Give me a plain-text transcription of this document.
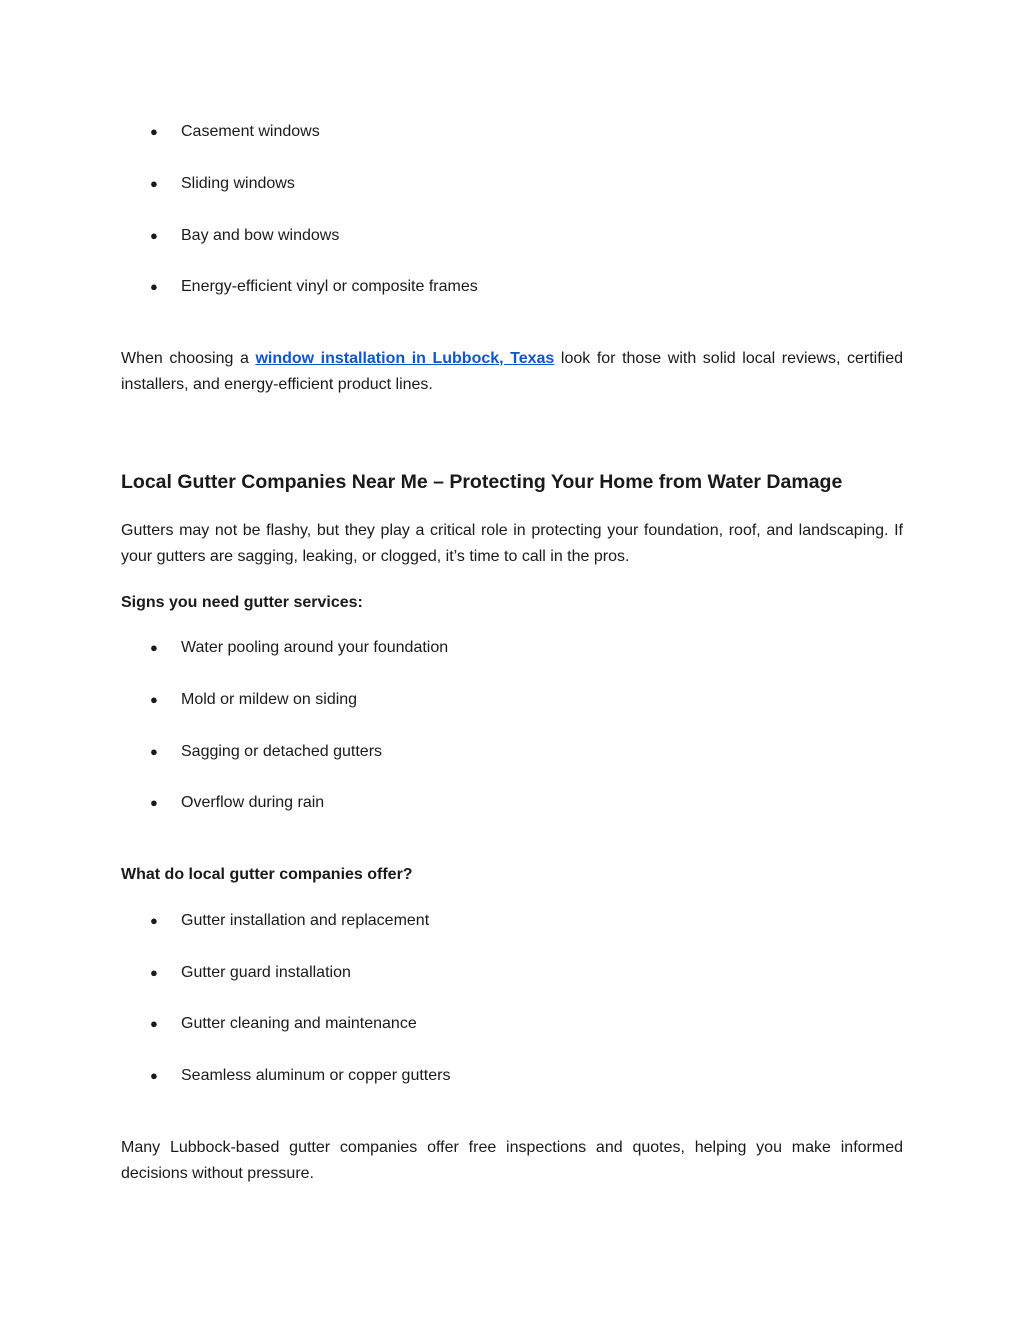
● Casement windows
● Sliding windows
● Bay and bow windows
● Energy-efficient vinyl or composite frames

When choosing a window installation in Lubbock, Texas look for those with solid local reviews, certified installers, and energy-efficient product lines.

Local Gutter Companies Near Me – Protecting Your Home from Water Damage

Gutters may not be flashy, but they play a critical role in protecting your foundation, roof, and landscaping. If your gutters are sagging, leaking, or clogged, it’s time to call in the pros.

Signs you need gutter services:

● Water pooling around your foundation
● Mold or mildew on siding
● Sagging or detached gutters
● Overflow during rain

What do local gutter companies offer?

● Gutter installation and replacement
● Gutter guard installation
● Gutter cleaning and maintenance
● Seamless aluminum or copper gutters

Many Lubbock-based gutter companies offer free inspections and quotes, helping you make informed decisions without pressure.
